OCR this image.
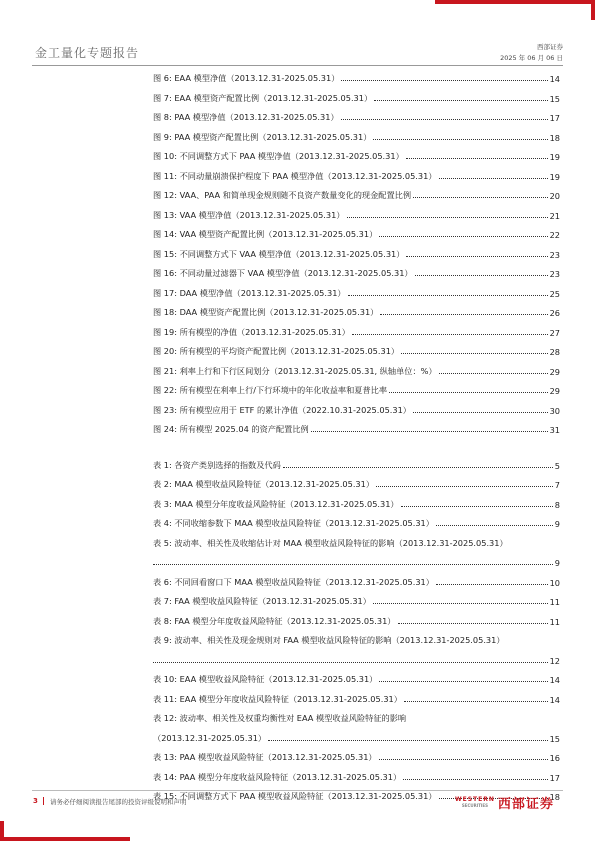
金工量化专题报告	西部证券
2025 年 06 月 06 日
图 6: EAA 模型净值（2013.12.31-2025.05.31）	14
图 7: EAA 模型资产配置比例（2013.12.31-2025.05.31）	15
图 8: PAA 模型净值（2013.12.31-2025.05.31）	17
图 9: PAA 模型资产配置比例（2013.12.31-2025.05.31）	18
图 10: 不同调整方式下 PAA 模型净值（2013.12.31-2025.05.31）	19
图 11: 不同动量崩溃保护程度下 PAA 模型净值（2013.12.31-2025.05.31）	19
图 12: VAA、PAA 和简单现金规则随不良资产数量变化的现金配置比例	20
图 13: VAA 模型净值（2013.12.31-2025.05.31）	21
图 14: VAA 模型资产配置比例（2013.12.31-2025.05.31）	22
图 15: 不同调整方式下 VAA 模型净值（2013.12.31-2025.05.31）	23
图 16: 不同动量过滤器下 VAA 模型净值（2013.12.31-2025.05.31）	23
图 17: DAA 模型净值（2013.12.31-2025.05.31）	25
图 18: DAA 模型资产配置比例（2013.12.31-2025.05.31）	26
图 19: 所有模型的净值（2013.12.31-2025.05.31）	27
图 20: 所有模型的平均资产配置比例（2013.12.31-2025.05.31）	28
图 21: 利率上行和下行区间划分（2013.12.31-2025.05.31, 纵轴单位：%）	29
图 22: 所有模型在利率上行/下行环境中的年化收益率和夏普比率	29
图 23: 所有模型应用于 ETF 的累计净值（2022.10.31-2025.05.31）	30
图 24: 所有模型 2025.04 的资产配置比例	31
表 1: 各资产类别选择的指数及代码	5
表 2: MAA 模型收益风险特征（2013.12.31-2025.05.31）	7
表 3: MAA 模型分年度收益风险特征（2013.12.31-2025.05.31）	8
表 4: 不同收缩参数下 MAA 模型收益风险特征（2013.12.31-2025.05.31）	9
表 5: 波动率、相关性及收缩估计对 MAA 模型收益风险特征的影响（2013.12.31-2025.05.31）
9
表 6: 不同回看窗口下 MAA 模型收益风险特征（2013.12.31-2025.05.31）	10
表 7: FAA 模型收益风险特征（2013.12.31-2025.05.31）	11
表 8: FAA 模型分年度收益风险特征（2013.12.31-2025.05.31）	11
表 9: 波动率、相关性及现金规则对 FAA 模型收益风险特征的影响（2013.12.31-2025.05.31）
12
表 10: EAA 模型收益风险特征（2013.12.31-2025.05.31）	14
表 11: EAA 模型分年度收益风险特征（2013.12.31-2025.05.31）	14
表 12: 波动率、相关性及权重均衡性对 EAA 模型收益风险特征的影响
（2013.12.31-2025.05.31）	15
表 13: PAA 模型收益风险特征（2013.12.31-2025.05.31）	16
表 14: PAA 模型分年度收益风险特征（2013.12.31-2025.05.31）	17
表 15: 不同调整方式下 PAA 模型收益风险特征（2013.12.31-2025.05.31）	18
3 请务必仔细阅读报告尾部的投资评级说明和声明	WESTERN
SECURITIES 西部证券
